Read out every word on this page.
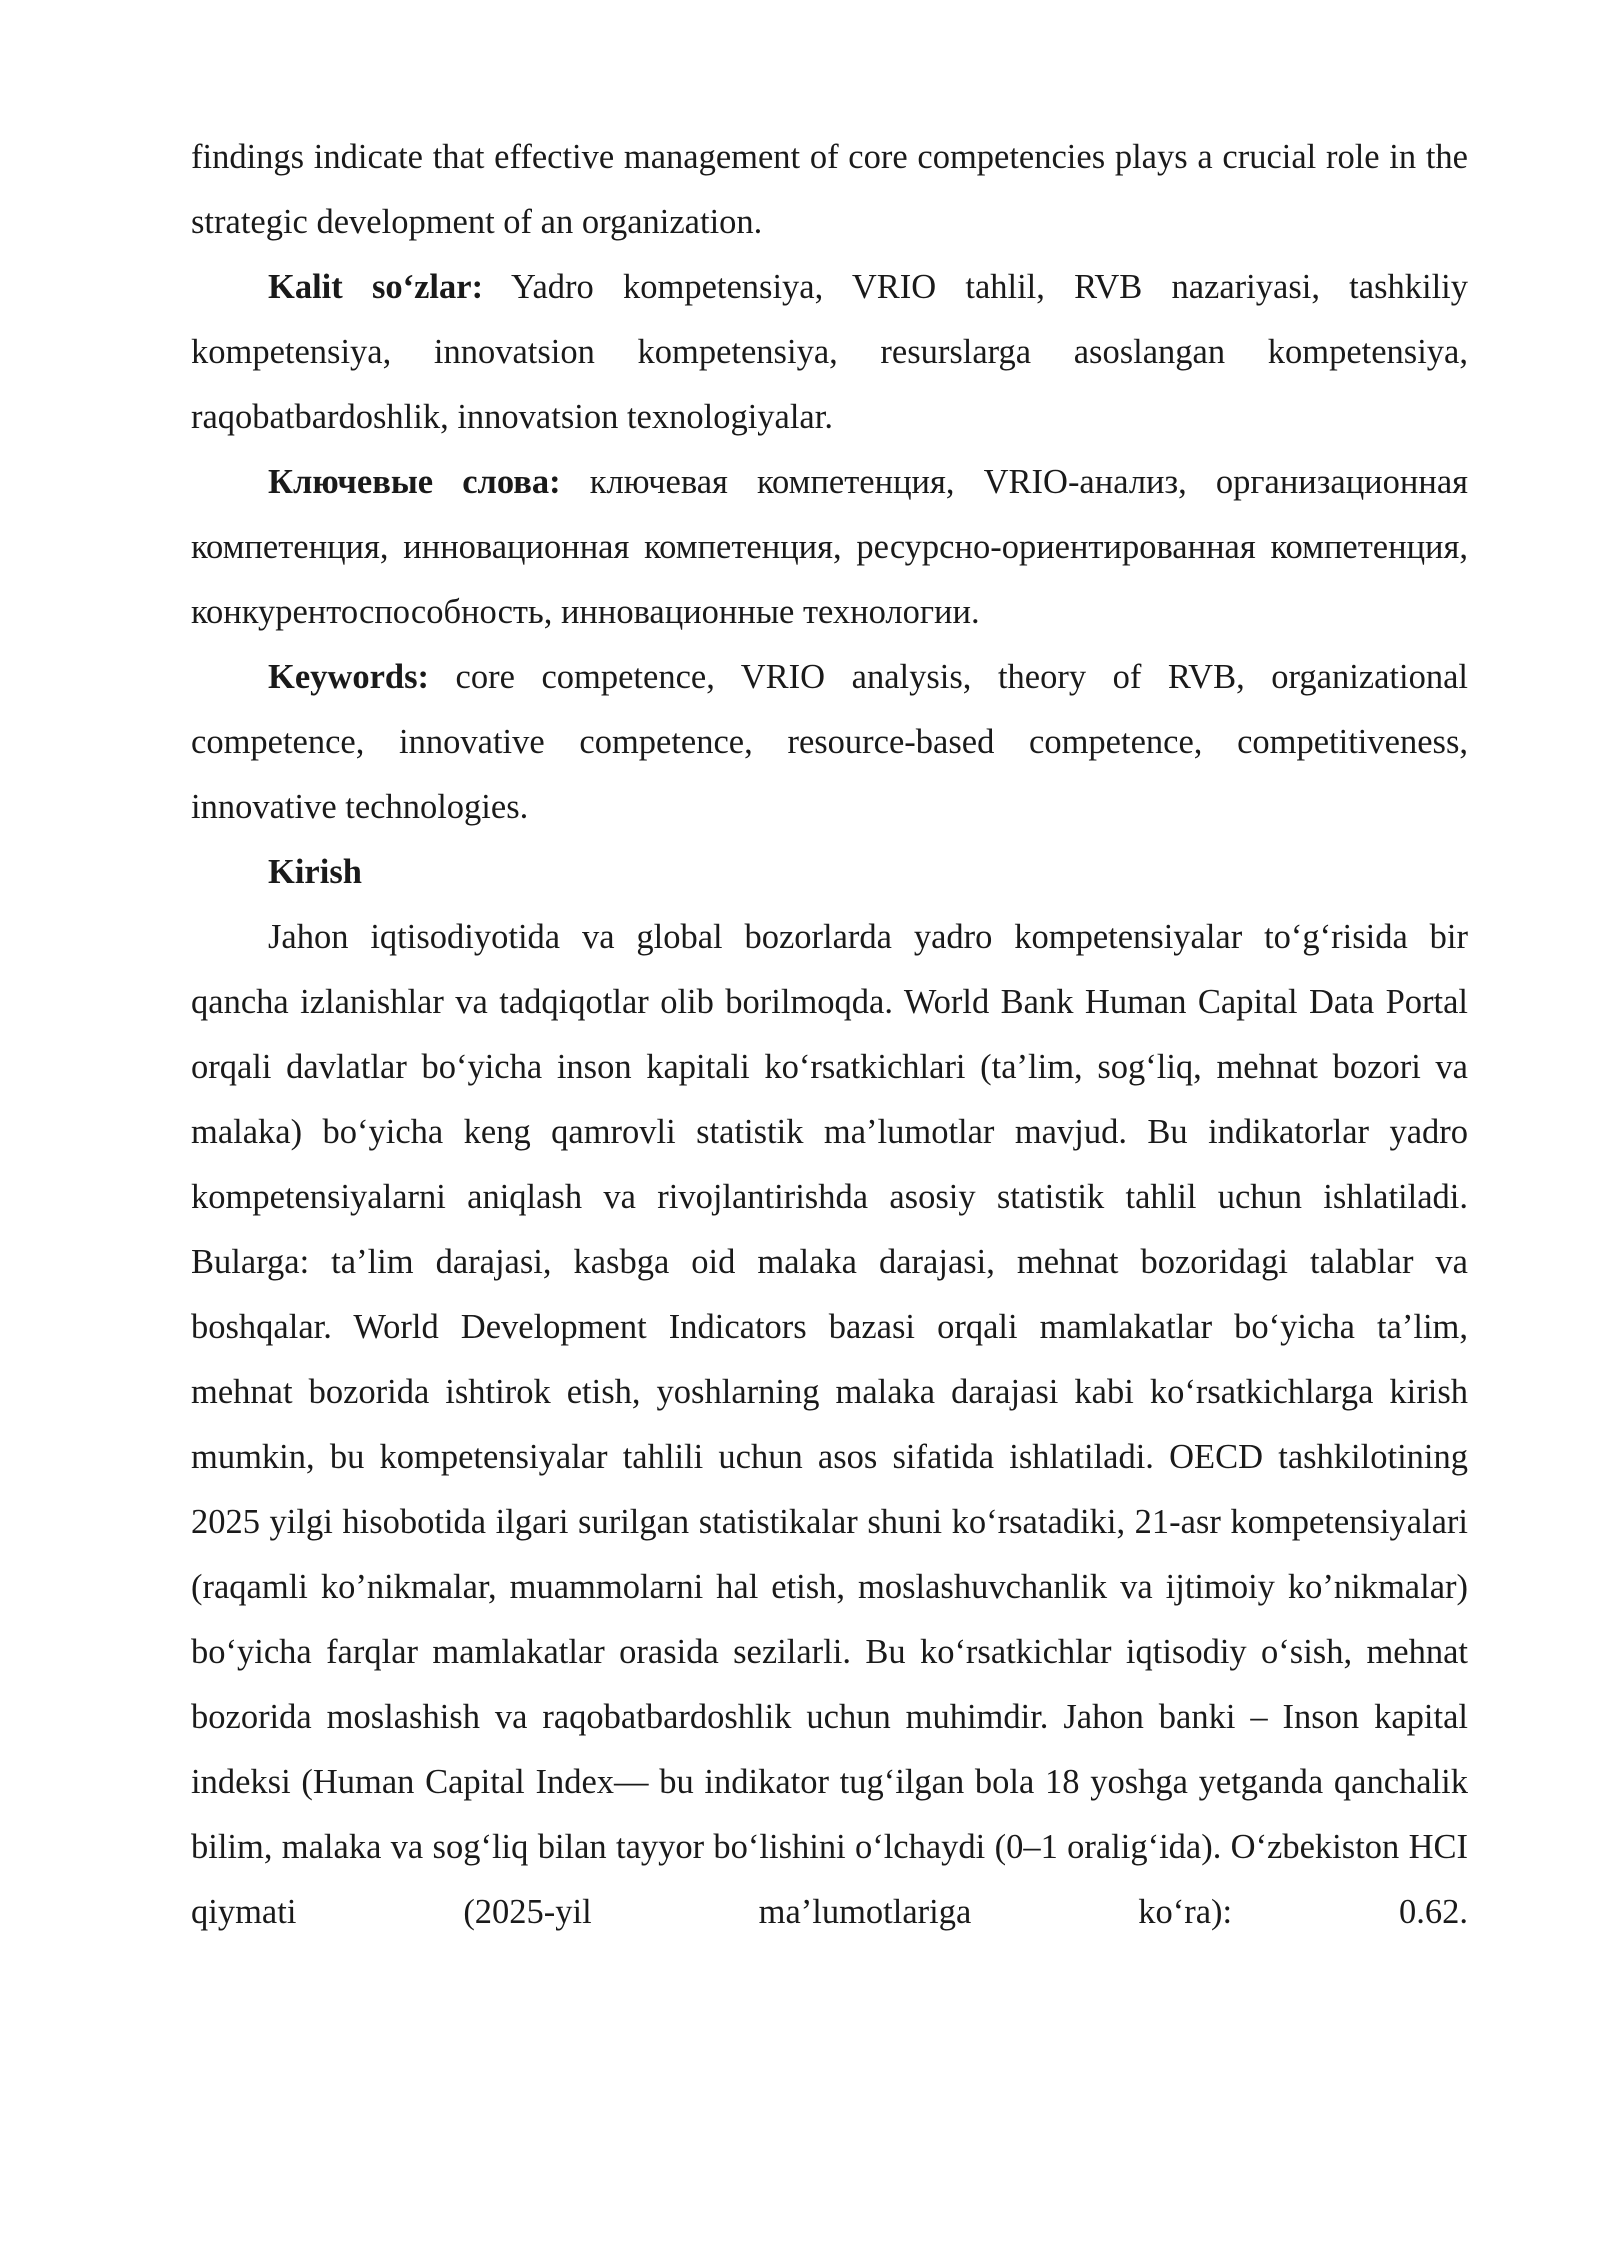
findings indicate that effective management of core competencies plays a crucial role in the strategic development of an organization.

Kalit so‘zlar: Yadro kompetensiya, VRIO tahlil, RVB nazariyasi, tashkiliy kompetensiya, innovatsion kompetensiya, resurslarga asoslangan kompetensiya, raqobatbardoshlik, innovatsion texnologiyalar.

Ключевые слова: ключевая компетенция, VRIO-анализ, организационная компетенция, инновационная компетенция, ресурсно-ориентированная компетенция, конкурентоспособность, инновационные технологии.

Keywords: core competence, VRIO analysis, theory of RVB, organizational competence, innovative competence, resource-based competence, competitiveness, innovative technologies.

Kirish

Jahon iqtisodiyotida va global bozorlarda yadro kompetensiyalar to‘g‘risida bir qancha izlanishlar va tadqiqotlar olib borilmoqda. World Bank Human Capital Data Portal orqali davlatlar bo‘yicha inson kapitali ko‘rsatkichlari (ta’lim, sog‘liq, mehnat bozori va malaka) bo‘yicha keng qamrovli statistik ma’lumotlar mavjud. Bu indikatorlar yadro kompetensiyalarni aniqlash va rivojlantirishda asosiy statistik tahlil uchun ishlatiladi. Bularga: ta’lim darajasi, kasbga oid malaka darajasi, mehnat bozoridagi talablar va boshqalar. World Development Indicators bazasi orqali mamlakatlar bo‘yicha ta’lim, mehnat bozorida ishtirok etish, yoshlarning malaka darajasi kabi ko‘rsatkichlarga kirish mumkin, bu kompetensiyalar tahlili uchun asos sifatida ishlatiladi. OECD tashkilotining 2025 yilgi hisobotida ilgari surilgan statistikalar shuni ko‘rsatadiki, 21-asr kompetensiyalari (raqamli ko’nikmalar, muammolarni hal etish, moslashuvchanlik va ijtimoiy ko’nikmalar) bo‘yicha farqlar mamlakatlar orasida sezilarli. Bu ko‘rsatkichlar iqtisodiy o‘sish, mehnat bozorida moslashish va raqobatbardoshlik uchun muhimdir. Jahon banki – Inson kapital indeksi (Human Capital Index— bu indikator tug‘ilgan bola 18 yoshga yetganda qanchalik bilim, malaka va sog‘liq bilan tayyor bo‘lishini o‘lchaydi (0–1 oralig‘ida). O‘zbekiston HCI qiymati (2025-yil ma’lumotlariga ko‘ra): 0.62.
